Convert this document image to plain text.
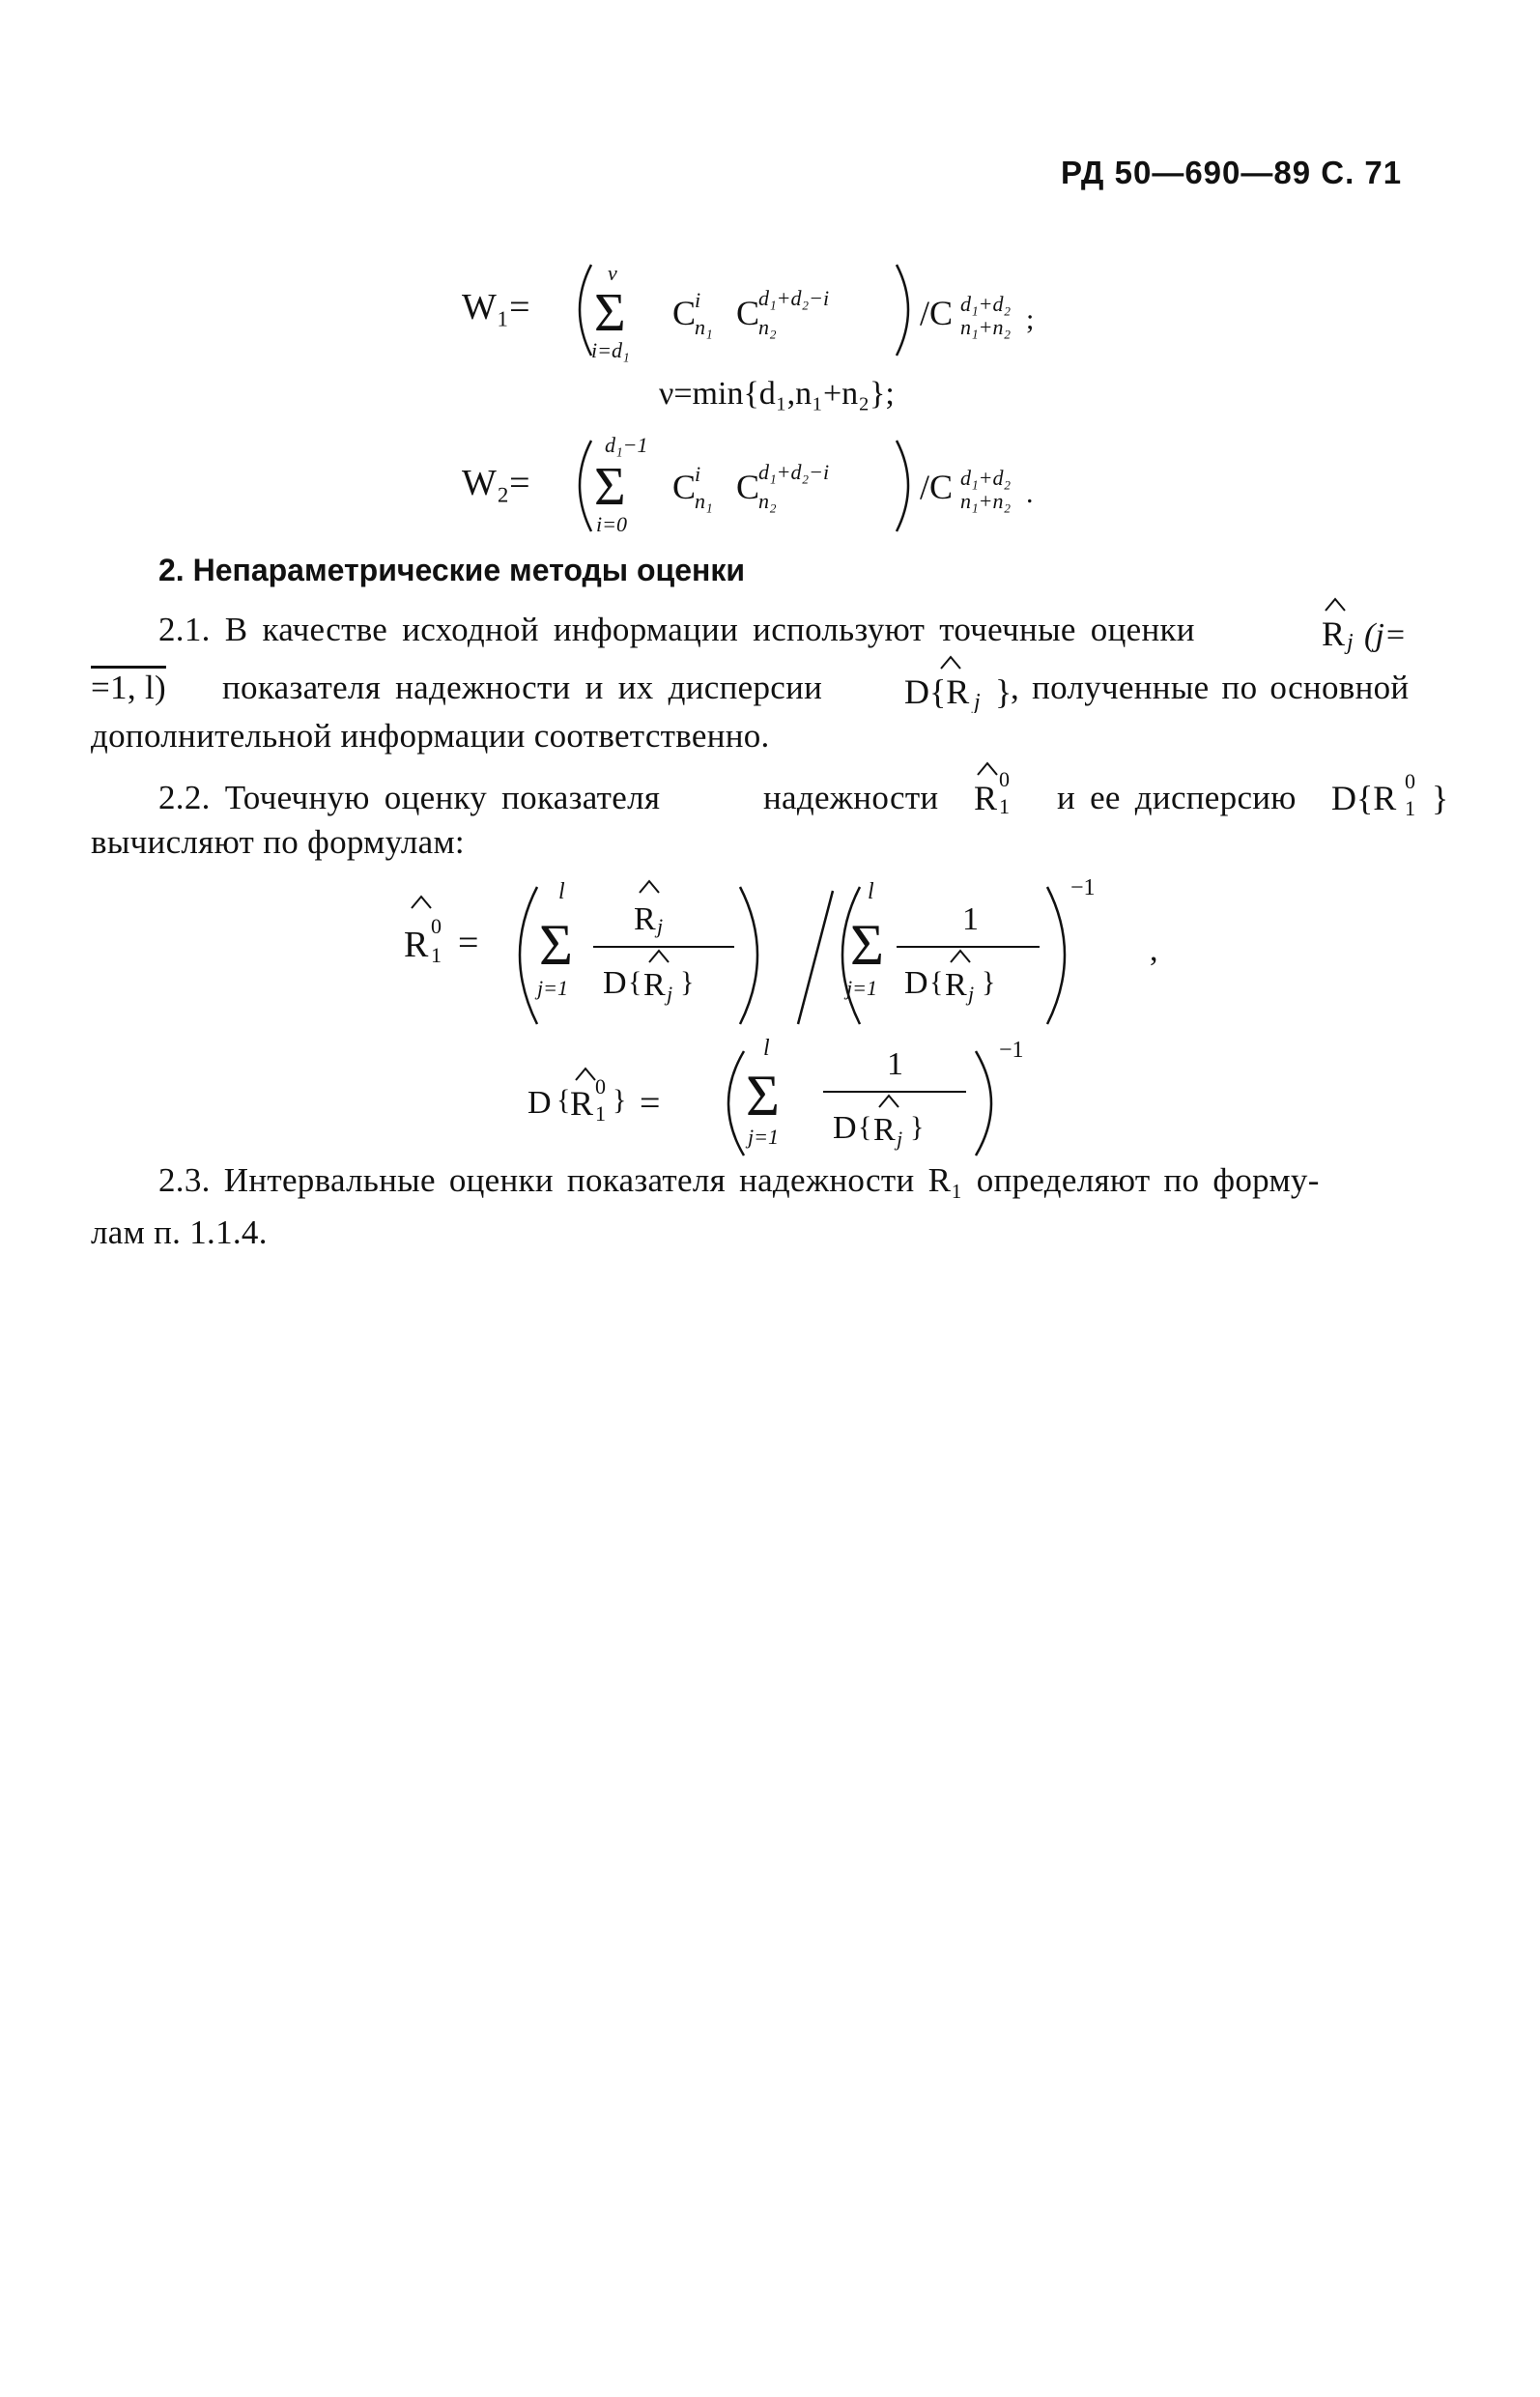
РД 50—690—89 С. 71
W₁=
ν
Σ
i=d₁
C
i
n₁ C
d₁+d₂−i
n₂	/C d₁+d₂
n₁+n₂ ;
ν=min{d₁,n₁+n₂};
W₂=
d₁−1
Σ
i=0
C
i
n₁ C
d₁+d₂−i
n₂	/C d₁+d₂
n₁+n₂ .
2. Непараметрические методы оценки
2.1. В качестве исходной информации используют точечные оценки	R j (j=
=1, l) показателя надежности и их дисперсии D{R j }
, полученные по основной
дополнительной информации соответственно.
2.2. Точечную оценку показателя	надежности R 1
0 и ее дисперсию D{R 1
0 }
вычисляют по формулам:
R 1
0 =
l
Σ
j=1
R j
D { R j }
l
Σ
j=1
1
D { R j }
−1
,
D { R 1
0 } =
l
Σ
j=1
1
D { R j }
−1
2.3. Интервальные оценки показателя надежности R₁ определяют по форму-
лам п. 1.1.4.
